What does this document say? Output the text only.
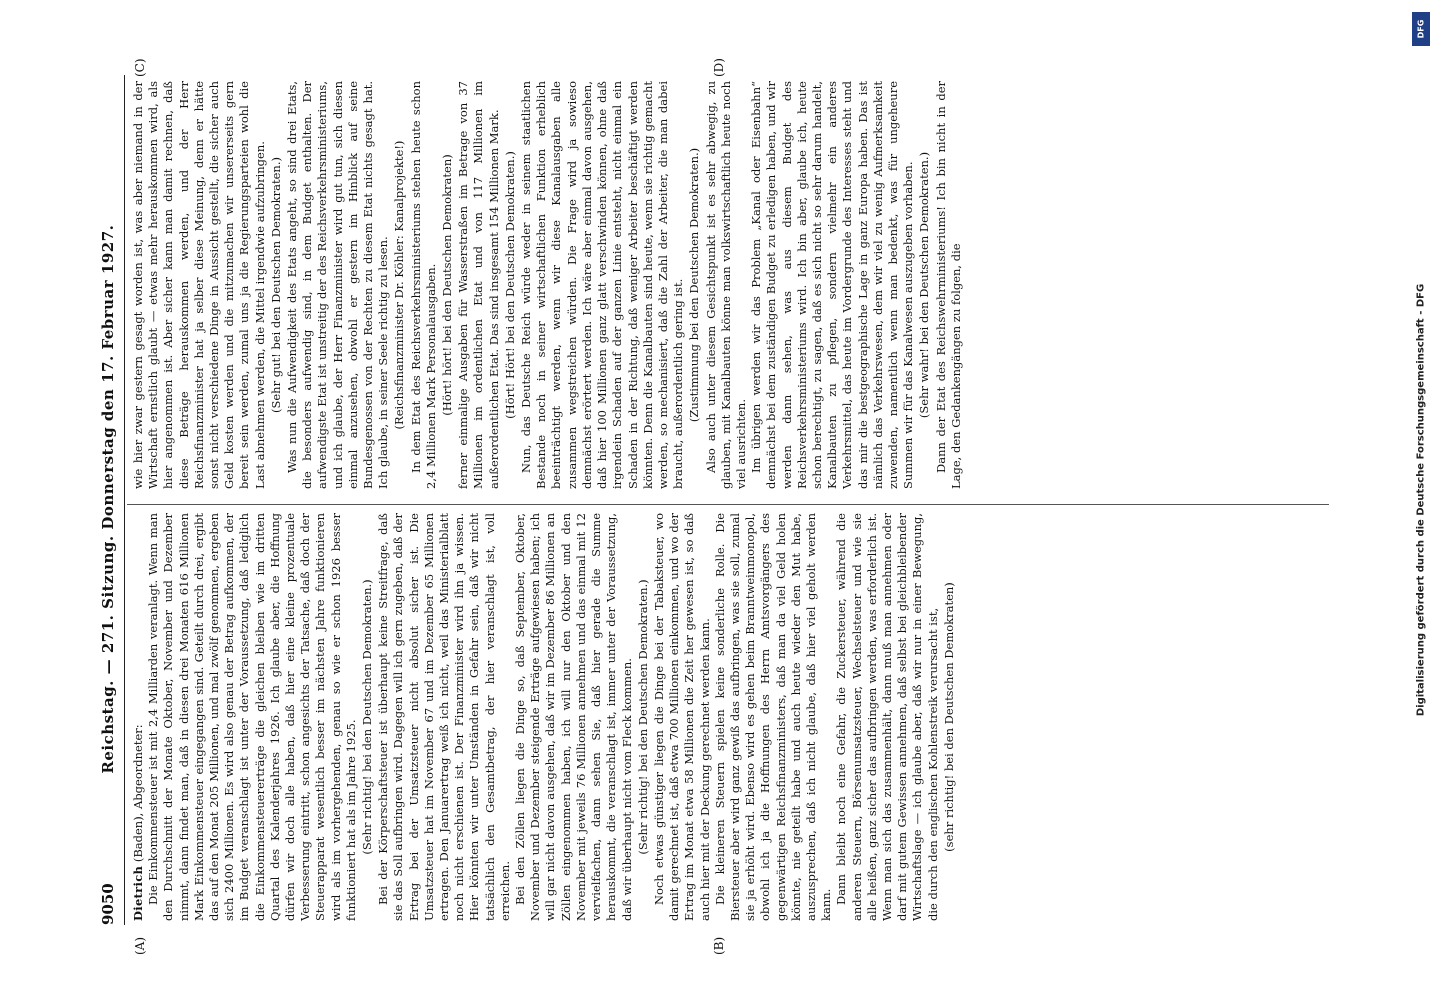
9050
Reichstag. — 271. Sitzung. Donnerstag den 17. Februar 1927.
(A)	(B)
(C)	(D)

Dietrich (Baden), Abgeordneter: Die Einkommensteuer ist mit 2,4 Milliarden veranlagt. Wenn man den Durchschnitt der Monate Oktober, November und Dezember nimmt, dann findet man, daß in diesen drei Monaten 616 Millionen Mark Einkommensteuer eingegangen sind. Geteilt durch drei, ergibt das auf den Monat 205 Millionen, und mal zwölf genommen, ergeben sich 2400 Millionen. Es wird also genau der Betrag aufkommen, der im Budget veranschlagt ist unter der Voraussetzung, daß lediglich die Einkommensteuererträge die gleichen bleiben wie im dritten Quartal des Kalenderjahres 1926. Ich glaube aber, die Hoffnung dürfen wir doch alle haben, daß hier eine kleine prozentuale Verbesserung eintritt, schon angesichts der Tatsache, daß doch der Steuerapparat wesentlich besser im nächsten Jahre funktionieren wird als im vorhergehenden, genau so wie er schon 1926 besser funktioniert hat als im Jahre 1925. (Sehr richtig! bei den Deutschen Demokraten.) Bei der Körperschaftsteuer ist überhaupt keine Streitfrage, daß sie das Soll aufbringen wird. Dagegen will ich gern zugeben, daß der Ertrag bei der Umsatzsteuer nicht absolut sicher ist. Die Umsatzsteuer hat im November 67 und im Dezember 65 Millionen ertragen. Den Januarertrag weiß ich nicht, weil das Ministerialblatt noch nicht erschienen ist. Der Finanzminister wird ihn ja wissen. Hier könnten wir unter Umständen in Gefahr sein, daß wir nicht tatsächlich den Gesamtbetrag, der hier veranschlagt ist, voll erreichen. Bei den Zöllen liegen die Dinge so, daß September, Oktober, November und Dezember steigende Erträge aufgewiesen haben; ich will gar nicht davon ausgehen, daß wir im Dezember 86 Millionen an Zöllen eingenommen haben, ich will nur den Oktober und den November mit jeweils 76 Millionen annehmen und das einmal mit 12 vervielfachen, dann sehen Sie, daß hier gerade die Summe herauskommt, die veranschlagt ist, immer unter der Voraussetzung, daß wir überhaupt nicht vom Fleck kommen. (Sehr richtig! bei den Deutschen Demokraten.) Noch etwas günstiger liegen die Dinge bei der Tabaksteuer, wo damit gerechnet ist, daß etwa 700 Millionen einkommen, und wo der Ertrag im Monat etwa 58 Millionen die Zeit her gewesen ist, so daß auch hier mit der Deckung gerechnet werden kann. Die kleineren Steuern spielen keine sonderliche Rolle. Die Biersteuer aber wird ganz gewiß das aufbringen, was sie soll, zumal sie ja erhöht wird. Ebenso wird es gehen beim Branntweinmonopol, obwohl ich ja die Hoffnungen des Herrn Amtsvorgängers des gegenwärtigen Reichsfinanzministers, daß man da viel Geld holen könnte, nie geteilt habe und auch heute wieder den Mut habe, auszusprechen, daß ich nicht glaube, daß hier viel geholt werden kann. Dann bleibt noch eine Gefahr, die Zuckersteuer, während die anderen Steuern, Börsenumsatzsteuer, Wechselsteuer und wie sie alle heißen, ganz sicher das aufbringen werden, was erforderlich ist. Wenn man sich das zusammenhält, dann muß man annehmen oder darf mit gutem Gewissen annehmen, daß selbst bei gleichbleibender Wirtschaftslage — ich glaube aber, daß wir nur in einer Bewegung, die durch den englischen Kohlenstreik verursacht ist, (sehr richtig! bei den Deutschen Demokraten)

wie hier zwar gestern gesagt worden ist, was aber niemand in der Wirtschaft ernstlich glaubt — etwas mehr herauskommen wird, als hier angenommen ist. Aber sicher kann man damit rechnen, daß diese Beträge herauskommen werden, und der Herr Reichsfinanzminister hat ja selber diese Meinung, denn er hätte sonst nicht verschiedene Dinge in Aussicht gestellt, die sicher auch Geld kosten werden und die mitzumachen wir unsererseits gern bereit sein werden, zumal uns ja die Regierungsparteien wohl die Last abnehmen werden, die Mittel irgendwie aufzubringen. (Sehr gut! bei den Deutschen Demokraten.) Was nun die Aufwendigkeit des Etats angeht, so sind drei Etats, die besonders aufwendig sind, in dem Budget enthalten. Der aufwendigste Etat ist unstreitig der des Reichsverkehrsministeriums, und ich glaube, der Herr Finanzminister wird gut tun, sich diesen einmal anzusehen, obwohl er gestern im Hinblick auf seine Bundesgenossen von der Rechten zu diesem Etat nichts gesagt hat. Ich glaube, in seiner Seele richtig zu lesen. (Reichsfinanzminister Dr. Köhler: Kanalprojekte!) In dem Etat des Reichsverkehrsministeriums stehen heute schon 2,4 Millionen Mark Personalausgaben. (Hört! hört! bei den Deutschen Demokraten) ferner einmalige Ausgaben für Wasserstraßen im Betrage von 37 Millionen im ordentlichen Etat und von 117 Millionen im außerordentlichen Etat. Das sind insgesamt 154 Millionen Mark. (Hört! Hört! bei den Deutschen Demokraten.) Nun, das Deutsche Reich würde weder in seinem staatlichen Bestande noch in seiner wirtschaftlichen Funktion erheblich beeinträchtigt werden, wenn wir diese Kanalausgaben alle zusammen wegstreichen würden. Die Frage wird ja sowieso demnächst erörtert werden. Ich wäre aber einmal davon ausgehen, daß hier 100 Millionen ganz glatt verschwinden können, ohne daß irgendein Schaden auf der ganzen Linie entsteht, nicht einmal ein Schaden in der Richtung, daß weniger Arbeiter beschäftigt werden könnten. Denn die Kanalbauten sind heute, wenn sie richtig gemacht werden, so mechanisiert, daß die Zahl der Arbeiter, die man dabei braucht, außerordentlich gering ist. (Zustimmung bei den Deutschen Demokraten.) Also auch unter diesem Gesichtspunkt ist es sehr abwegig, zu glauben, mit Kanalbauten könne man volkswirtschaftlich heute noch viel ausrichten. Im übrigen werden wir das Problem „Kanal oder Eisenbahn“ demnächst bei dem zuständigen Budget zu erledigen haben, und wir werden dann sehen, was aus diesem Budget des Reichsverkehrsministeriums wird. Ich bin aber, glaube ich, heute schon berechtigt, zu sagen, daß es sich nicht so sehr darum handelt, Kanalbauten zu pflegen, sondern vielmehr ein anderes Verkehrsmittel, das heute im Vordergrunde des Interesses steht und das mir die bestgeographische Lage in ganz Europa haben. Das ist nämlich das Verkehrswesen, dem wir viel zu wenig Aufmerksamkeit zuwenden, namentlich wenn man bedenkt, was für ungeheure Summen wir für das Kanalwesen auszugeben vorhaben. (Sehr wahr! bei den Deutschen Demokraten.) Dann der Etat des Reichswehrministeriums! Ich bin nicht in der Lage, den Gedankengängen zu folgen, die

DFG
Digitalisierung gefördert durch die Deutsche Forschungsgemeinschaft - DFG
